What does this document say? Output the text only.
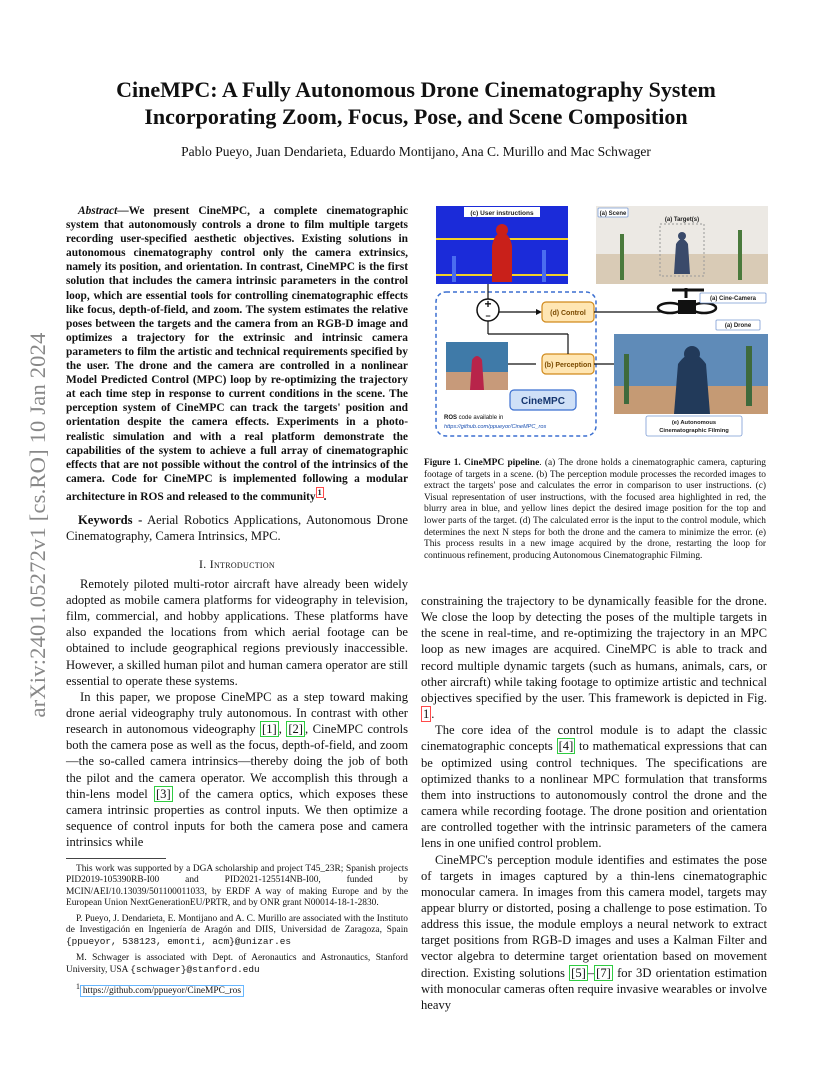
arXiv:2401.05272v1 [cs.RO] 10 Jan 2024
CineMPC: A Fully Autonomous Drone Cinematography System
Incorporating Zoom, Focus, Pose, and Scene Composition
Pablo Pueyo, Juan Dendarieta, Eduardo Montijano, Ana C. Murillo and Mac Schwager

Abstract—We present CineMPC, a complete cinematographic system that autonomously controls a drone to film multiple targets recording user-specified aesthetic objectives. Existing solutions in autonomous cinematography control only the camera extrinsics, namely its position, and orientation. In contrast, CineMPC is the first solution that includes the camera intrinsic parameters in the control loop, which are essential tools for controlling cinematographic effects like focus, depth-of-field, and zoom. The system estimates the relative poses between the targets and the camera from an RGB-D image and optimizes a trajectory for the extrinsic and intrinsic camera parameters to film the artistic and technical requirements specified by the user. The drone and the camera are controlled in a nonlinear Model Predicted Control (MPC) loop by re-optimizing the trajectory at each time step in response to current conditions in the scene. The perception system of CineMPC can track the targets' position and orientation despite the camera effects. Experiments in a photo-realistic simulation and with a real platform demonstrate the capabilities of the system to achieve a full array of cinematographic effects that are not possible without the control of the intrinsics of the camera. Code for CineMPC is implemented following a modular architecture in ROS and released to the community $^1$ .

Keywords - Aerial Robotics Applications, Autonomous Drone Cinematography, Camera Intrinsics, MPC.
I. Introduction

Remotely piloted multi-rotor aircraft have already been widely adopted as mobile camera platforms for videography in television, film, commercial, and hobby applications. These platforms have also expanded the locations from which aerial footage can be obtained to include geographical regions previously inaccessible. However, a skilled human pilot and human camera operator are still essential to operate these systems.

In this paper, we propose CineMPC as a step toward making drone aerial videography truly autonomous. In contrast with other research in autonomous videography [1] , [2] , CineMPC controls both the camera pose as well as the focus, depth-of-field, and zoom—the so-called camera intrinsics—thereby doing the job of both the pilot and the camera operator. We accomplish this through a thin-lens model [3] of the camera optics, which exposes these camera intrinsic properties as control inputs. We then optimize a sequence of control inputs for both the camera pose and camera intrinsics while

This work was supported by a DGA scholarship and project T45_23R; Spanish projects PID2019-105390RB-I00 and PID2021-125514NB-I00, funded by MCIN/AEI/10.13039/501100011033, by ERDF A way of making Europe and by the European Union NextGenerationEU/PRTR, and by ONR grant N00014-18-1-2830.

P. Pueyo, J. Dendarieta, E. Montijano and A. C. Murillo are associated with the Instituto de Investigación en Ingeniería de Aragón and DIIS, Universidad de Zaragoza, Spain {ppueyor, 538123, emonti, acm}@unizar.es

M. Schwager is associated with Dept. of Aeronautics and Astronautics, Stanford University, USA {schwager}@stanford.edu

$^1$ https://github.com/ppueyor/CineMPC_ros

(c) User instructions	(a) Scene
(a) Target(s)
(a) Cine-Camera
(a) Drone
+
−	(d) Control
(b) Perception
CineMPC
ROS code available in
https://github.com/ppueyor/CineMPC_ros
(e) Autonomous
Cinematographic Filming
Figure 1. CineMPC pipeline. (a) The drone holds a cinematographic camera, capturing footage of targets in a scene. (b) The perception module processes the recorded images to extract the targets' pose and calculates the error in comparison to user instructions. (c) Visual representation of user instructions, with the focused area highlighted in red, the blurry area in blue, and yellow lines depict the desired image position for the top and lower parts of the target. (d) The calculated error is the input to the control module, which determines the next N steps for both the drone and the camera to minimize the error. (e) This process results in a new image acquired by the drone, restarting the loop for continuous refinement, producing Autonomous Cinematographic Filming.

constraining the trajectory to be dynamically feasible for the drone. We close the loop by detecting the poses of the multiple targets in the scene in real-time, and re-optimizing the trajectory in an MPC loop as new images are acquired. CineMPC is able to track and record multiple dynamic targets (such as humans, animals, cars, or other aircraft) while taking footage to optimize artistic and technical objectives specified by the user. This framework is depicted in Fig. 1 .

The core idea of the control module is to adapt the classic cinematographic concepts [4] to mathematical expressions that can be optimized using control techniques. The specifications are optimized thanks to a nonlinear MPC formulation that transforms them into instructions to autonomously control the drone and the camera while recording footage. The drone position and orientation are controlled together with the intrinsic parameters of the camera lens in one unified control problem.

CineMPC's perception module identifies and estimates the pose of targets in images captured by a thin-lens cinematographic monocular camera. In images from this camera model, targets may appear blurry or distorted, posing a challenge to pose estimation. To address this issue, the module employs a neural network to extract target positions from RGB-D images and uses a Kalman Filter and vector algebra to determine target orientation based on movement direction. Existing solutions [5] – [7] for 3D orientation estimation with monocular cameras often require invasive wearables or involve heavy
